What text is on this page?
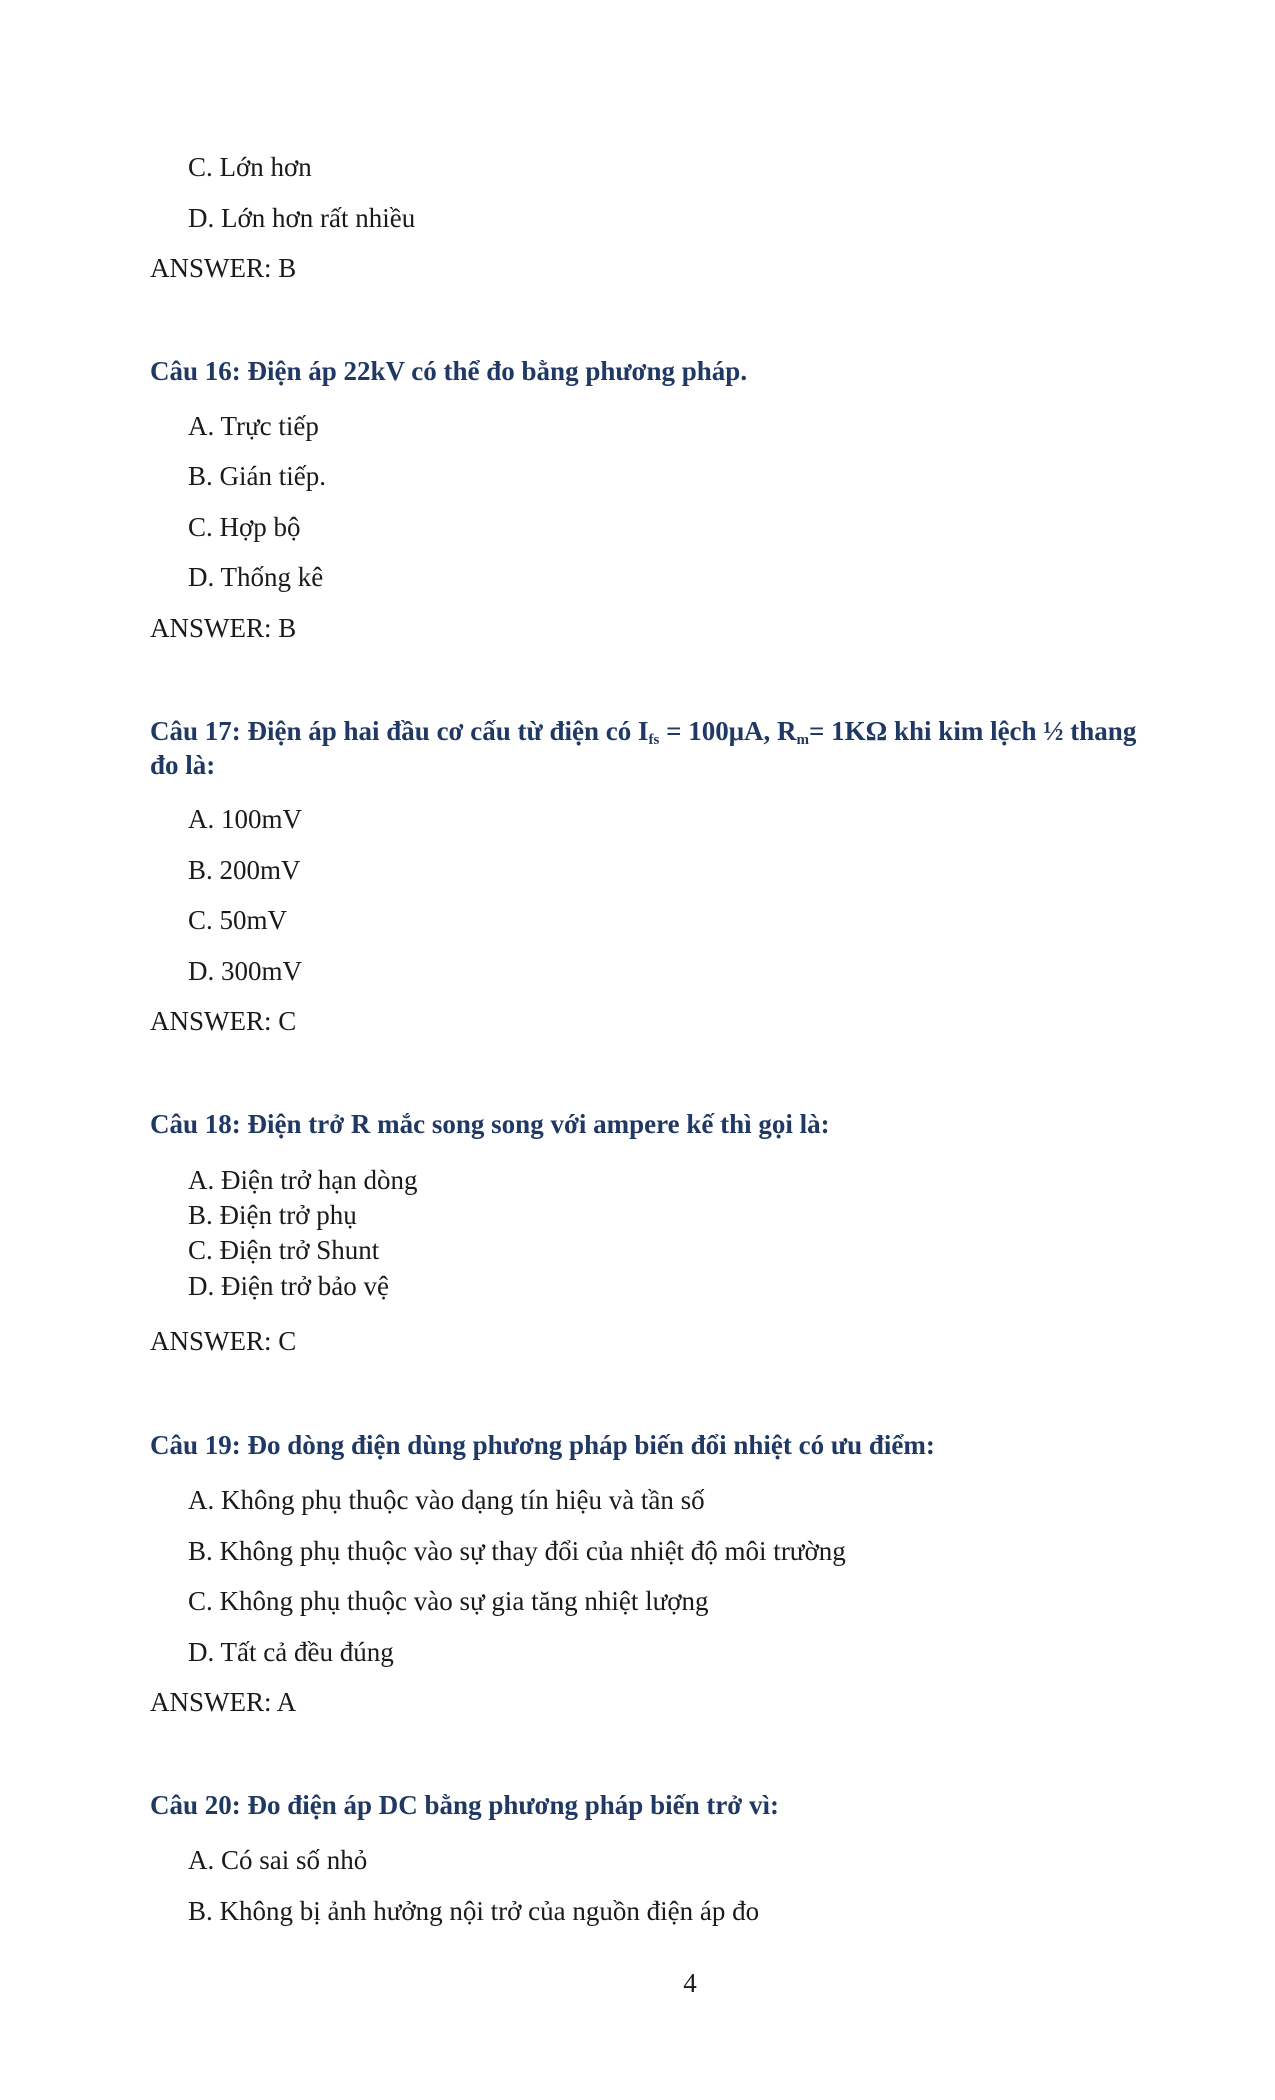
C. Lớn hơn
D. Lớn hơn rất nhiều
ANSWER: B
Câu 16: Điện áp 22kV có thể đo bằng phương pháp.
A. Trực tiếp
B. Gián tiếp.
C. Hợp bộ
D. Thống kê
ANSWER: B
Câu 17: Điện áp hai đầu cơ cấu từ điện có $I_{fs} = 100\mu A$, $R_m= 1K\Omega$ khi kim lệch ½ thang
đo là:
A. 100mV
B. 200mV
C. 50mV
D. 300mV
ANSWER: C
Câu 18: Điện trở R mắc song song với ampere kế thì gọi là:
A. Điện trở hạn dòng
B. Điện trở phụ
C. Điện trở Shunt
D. Điện trở bảo vệ
ANSWER: C
Câu 19: Đo dòng điện dùng phương pháp biến đổi nhiệt có ưu điểm:
A. Không phụ thuộc vào dạng tín hiệu và tần số
B. Không phụ thuộc vào sự thay đổi của nhiệt độ môi trường
C. Không phụ thuộc vào sự gia tăng nhiệt lượng
D. Tất cả đều đúng
ANSWER: A
Câu 20: Đo điện áp DC bằng phương pháp biến trở vì:
A. Có sai số nhỏ
B. Không bị ảnh hưởng nội trở của nguồn điện áp đo
4
